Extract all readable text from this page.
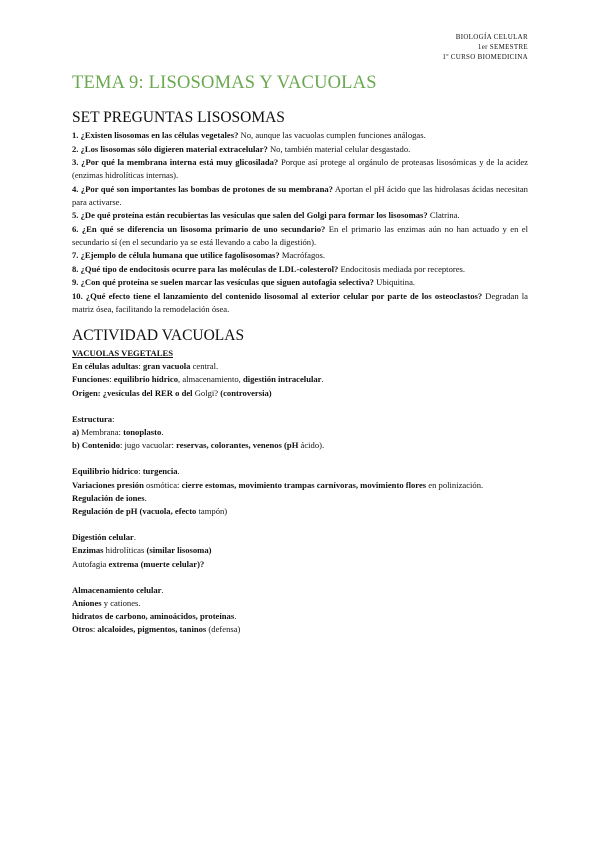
BIOLOGÍA CELULAR
1er SEMESTRE
1º CURSO BIOMEDICINA
TEMA 9: LISOSOMAS Y VACUOLAS
SET PREGUNTAS LISOSOMAS

1. ¿Existen lisosomas en las células vegetales? No, aunque las vacuolas cumplen funciones análogas.

2. ¿Los lisosomas sólo digieren material extracelular? No, también material celular desgastado.

3. ¿Por qué la membrana interna está muy glicosilada? Porque así protege al orgánulo de proteasas lisosómicas y de la acidez (enzimas hidrolíticas internas).

4. ¿Por qué son importantes las bombas de protones de su membrana? Aportan el pH ácido que las hidrolasas ácidas necesitan para activarse.

5. ¿De qué proteína están recubiertas las vesículas que salen del Golgi para formar los lisosomas? Clatrina.

6. ¿En qué se diferencia un lisosoma primario de uno secundario? En el primario las enzimas aún no han actuado y en el secundario sí (en el secundario ya se está llevando a cabo la digestión).

7. ¿Ejemplo de célula humana que utilice fagolisosomas? Macrófagos.

8. ¿Qué tipo de endocitosis ocurre para las moléculas de LDL-colesterol? Endocitosis mediada por receptores.

9. ¿Con qué proteína se suelen marcar las vesículas que siguen autofagia selectiva? Ubiquitina.

10. ¿Qué efecto tiene el lanzamiento del contenido lisosomal al exterior celular por parte de los osteoclastos? Degradan la matriz ósea, facilitando la remodelación ósea.

ACTIVIDAD VACUOLAS

VACUOLAS VEGETALES

En células adultas: gran vacuola central.

Funciones: equilibrio hídrico, almacenamiento, digestión intracelular.

Origen: ¿vesículas del RER o del Golgi? (controversia)

Estructura:

a) Membrana: tonoplasto.

b) Contenido: jugo vacuolar: reservas, colorantes, venenos (pH ácido).

Equilibrio hídrico: turgencia.

Variaciones presión osmótica: cierre estomas, movimiento trampas carnívoras, movimiento flores en polinización.

Regulación de iones.

Regulación de pH (vacuola, efecto tampón)

Digestión celular.

Enzimas hidrolíticas (similar lisosoma)

Autofagia extrema (muerte celular)?

Almacenamiento celular.

Aniones y cationes.

hidratos de carbono, aminoácidos, proteínas.

Otros: alcaloides, pigmentos, taninos (defensa)
